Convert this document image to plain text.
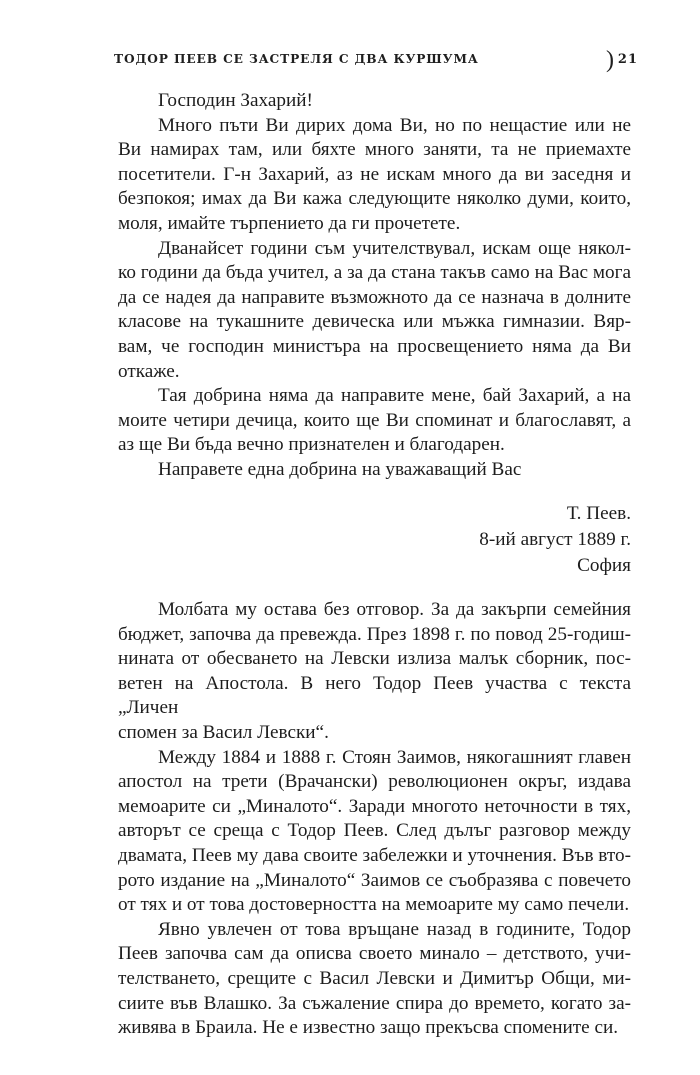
ТОДОР ПЕЕВ СЕ ЗАСТРЕЛЯ С ДВА КУРШУМА	) 21
Господин Захарий!
Много пъти Ви дирих дома Ви, но по нещастие или не
Ви намирах там, или бяхте много заняти, та не приемахте
посетители. Г-н Захарий, аз не искам много да ви заседня и
безпокоя; имах да Ви кажа следующите няколко думи, които,
моля, имайте търпението да ги прочетете.
Дванайсет години съм учителствувал, искам още някол-
ко години да бъда учител, а за да стана такъв само на Вас мога
да се надея да направите възможното да се назнача в долните
класове на тукашните девическа или мъжка гимназии. Вяр-
вам, че господин министъра на просвещението няма да Ви
откаже.
Тая добрина няма да направите мене, бай Захарий, а на
моите четири дечица, които ще Ви споминат и благославят, а
аз ще Ви бъда вечно признателен и благодарен.
Направете една добрина на уважаващий Вас
Т. Пеев.
8-ий август 1889 г.
София
Молбата му остава без отговор. За да закърпи семейния
бюджет, започва да превежда. През 1898 г. по повод 25-годиш-
нината от обесването на Левски излиза малък сборник, пос-
ветен на Апостола. В него Тодор Пеев участва с текста „Личен
спомен за Васил Левски“.
Между 1884 и 1888 г. Стоян Заимов, някогашният главен
апостол на трети (Врачански) революционен окръг, издава
мемоарите си „Миналото“. Заради многото неточности в тях,
авторът се среща с Тодор Пеев. След дълъг разговор между
двамата, Пеев му дава своите забележки и уточнения. Във вто-
рото издание на „Миналото“ Заимов се съобразява с повечето
от тях и от това достоверността на мемоарите му само печели.
Явно увлечен от това връщане назад в годините, Тодор
Пеев започва сам да описва своето минало – детството, учи-
телстването, срещите с Васил Левски и Димитър Общи, ми-
сиите във Влашко. За съжаление спира до времето, когато за-
живява в Браила. Не е известно защо прекъсва спомените си.
